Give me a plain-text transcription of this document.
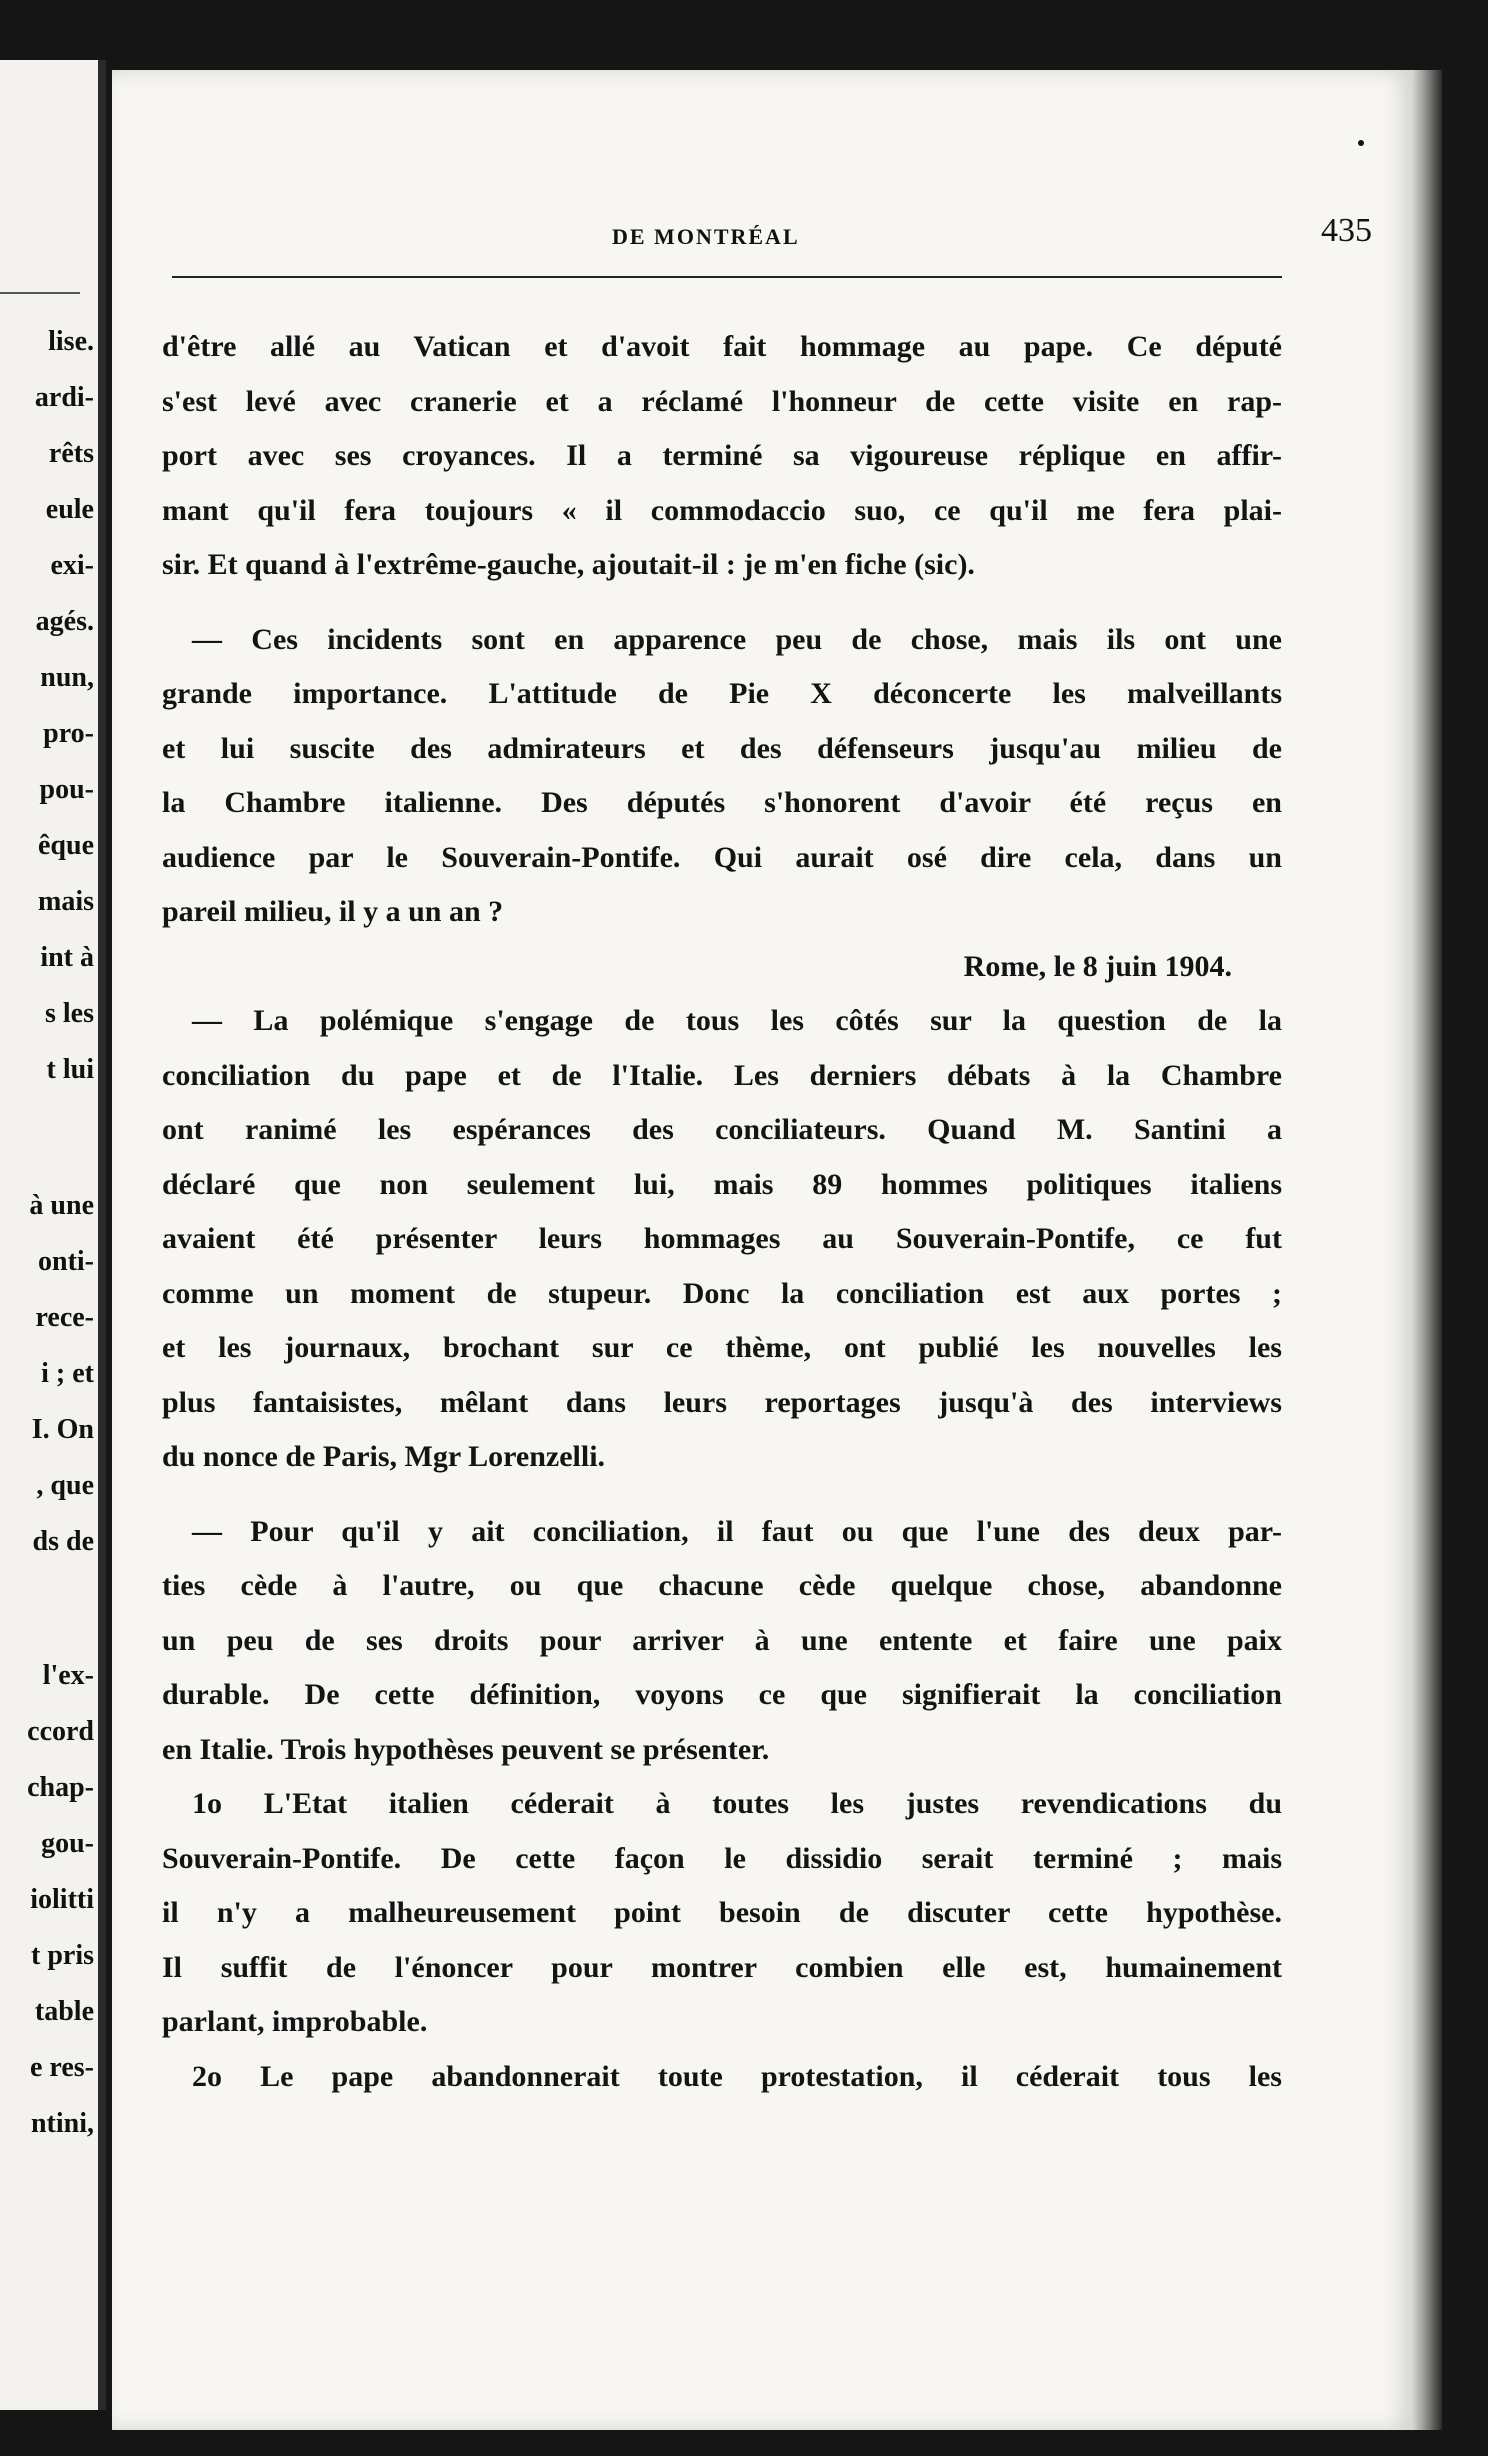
lise.
ardi-
rêts
eule
exi-
agés.
nun,
pro-
pou-
êque
mais
int à
s les
t lui
à une
onti-
rece-
i ; et
I. On
, que
ds de
l'ex-
ccord
chap-
gou-
iolitti
t pris
table
e res-
ntini,
DE MONTRÉAL	435
d'être allé au Vatican et d'avoit fait hommage au pape. Ce député
s'est levé avec cranerie et a réclamé l'honneur de cette visite en rap-
port avec ses croyances. Il a terminé sa vigoureuse réplique en affir-
mant qu'il fera toujours « il commodaccio suo, ce qu'il me fera plai-
sir. Et quand à l'extrême-gauche, ajoutait-il : je m'en fiche (sic).
— Ces incidents sont en apparence peu de chose, mais ils ont une
grande importance. L'attitude de Pie X déconcerte les malveillants
et lui suscite des admirateurs et des défenseurs jusqu'au milieu de
la Chambre italienne. Des députés s'honorent d'avoir été reçus en
audience par le Souverain-Pontife. Qui aurait osé dire cela, dans un
pareil milieu, il y a un an ?
Rome, le 8 juin 1904.
— La polémique s'engage de tous les côtés sur la question de la
conciliation du pape et de l'Italie. Les derniers débats à la Chambre
ont ranimé les espérances des conciliateurs. Quand M. Santini a
déclaré que non seulement lui, mais 89 hommes politiques italiens
avaient été présenter leurs hommages au Souverain-Pontife, ce fut
comme un moment de stupeur. Donc la conciliation est aux portes ;
et les journaux, brochant sur ce thème, ont publié les nouvelles les
plus fantaisistes, mêlant dans leurs reportages jusqu'à des interviews
du nonce de Paris, Mgr Lorenzelli.
— Pour qu'il y ait conciliation, il faut ou que l'une des deux par-
ties cède à l'autre, ou que chacune cède quelque chose, abandonne
un peu de ses droits pour arriver à une entente et faire une paix
durable. De cette définition, voyons ce que signifierait la conciliation
en Italie. Trois hypothèses peuvent se présenter.
1o L'Etat italien céderait à toutes les justes revendications du
Souverain-Pontife. De cette façon le dissidio serait terminé ; mais
il n'y a malheureusement point besoin de discuter cette hypothèse.
Il suffit de l'énoncer pour montrer combien elle est, humainement
parlant, improbable.
2o Le pape abandonnerait toute protestation, il céderait tous les
